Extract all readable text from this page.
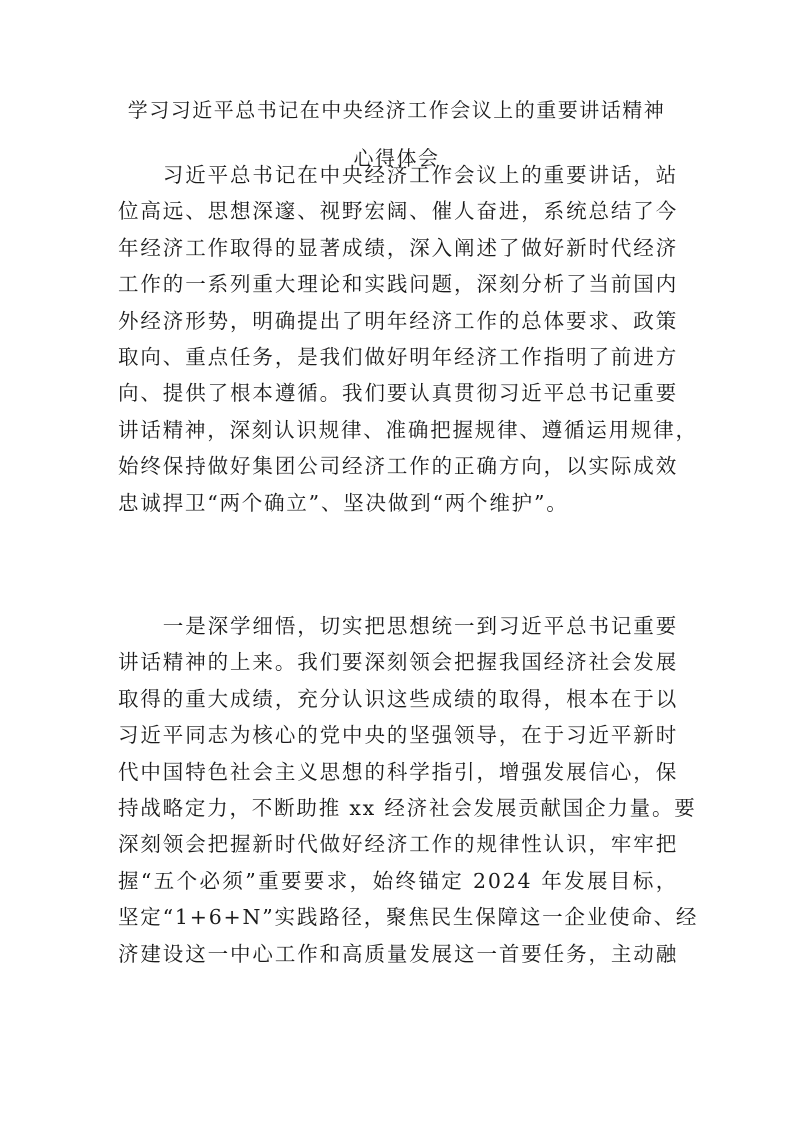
学习习近平总书记在中央经济工作会议上的重要讲话精神
心得体会
　　习近平总书记在中央经济工作会议上的重要讲话，站
位高远、思想深邃、视野宏阔、催人奋进，系统总结了今
年经济工作取得的显著成绩，深入阐述了做好新时代经济
工作的一系列重大理论和实践问题，深刻分析了当前国内
外经济形势，明确提出了明年经济工作的总体要求、政策
取向、重点任务，是我们做好明年经济工作指明了前进方
向、提供了根本遵循。我们要认真贯彻习近平总书记重要
讲话精神，深刻认识规律、准确把握规律、遵循运用规律，
始终保持做好集团公司经济工作的正确方向，以实际成效
忠诚捍卫“两个确立”、坚决做到“两个维护”。
　　一是深学细悟，切实把思想统一到习近平总书记重要
讲话精神的上来。我们要深刻领会把握我国经济社会发展
取得的重大成绩，充分认识这些成绩的取得，根本在于以
习近平同志为核心的党中央的坚强领导，在于习近平新时
代中国特色社会主义思想的科学指引，增强发展信心，保
持战略定力，不断助推 xx 经济社会发展贡献国企力量。要
深刻领会把握新时代做好经济工作的规律性认识，牢牢把
握“五个必须”重要要求，始终锚定 2024 年发展目标，
坚定“1+6+N”实践路径，聚焦民生保障这一企业使命、经
济建设这一中心工作和高质量发展这一首要任务，主动融
